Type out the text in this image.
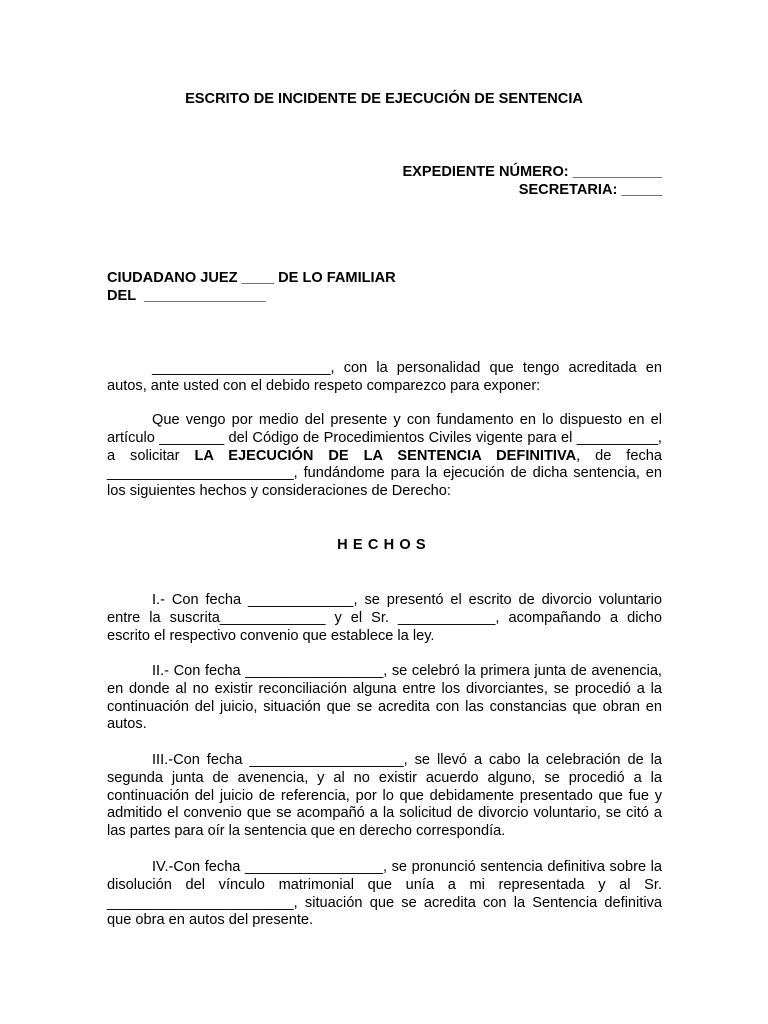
ESCRITO DE INCIDENTE DE EJECUCIÓN DE SENTENCIA
EXPEDIENTE NÚMERO: ___________
SECRETARIA: _____
CIUDADANO JUEZ ____ DE LO FAMILIAR
DEL  _______________
______________________, con la personalidad que tengo acreditada en autos, ante usted con el debido respeto comparezco para exponer:
Que vengo por medio del presente y con fundamento en lo dispuesto en el artículo ________ del Código de Procedimientos Civiles vigente para el __________, a solicitar LA EJECUCIÓN DE LA SENTENCIA DEFINITIVA, de fecha _______________________, fundándome para la ejecución de dicha sentencia, en los siguientes hechos y consideraciones de Derecho:
HECHOS
I.- Con fecha _____________, se presentó el escrito de divorcio voluntario entre la suscrita_____________ y el Sr. ____________, acompañando a dicho escrito el respectivo convenio que establece la ley.
II.- Con fecha _________________, se celebró la primera junta de avenencia, en donde al no existir reconciliación alguna entre los divorciantes, se procedió a la continuación del juicio, situación que se acredita con las constancias que obran en autos.
III.-Con fecha ___________________, se llevó a cabo la celebración de la segunda junta de avenencia, y al no existir acuerdo alguno, se procedió a la continuación del juicio de referencia, por lo que debidamente presentado que fue y admitido el convenio que se acompañó a la solicitud de divorcio voluntario, se citó a las partes para oír la sentencia que en derecho correspondía.
IV.-Con fecha _________________, se pronunció sentencia definitiva sobre la disolución del vínculo matrimonial que unía a mi representada y al Sr. _______________________, situación que se acredita con la Sentencia definitiva que obra en autos del presente.
